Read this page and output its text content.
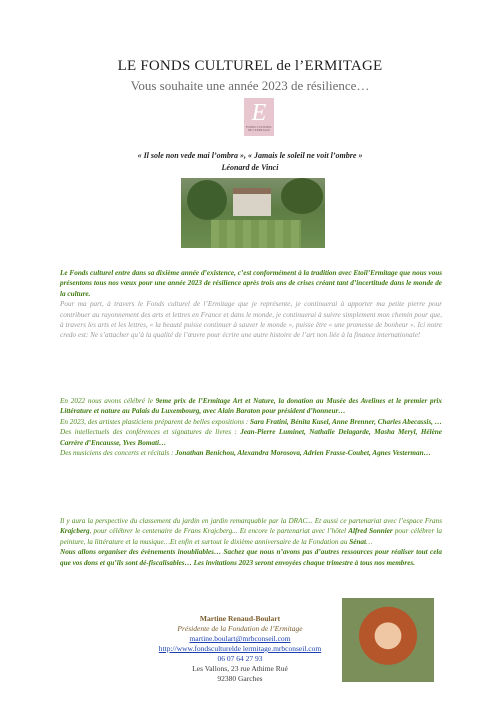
LE FONDS CULTUREL de l’ERMITAGE
Vous souhaite une année 2023 de résilience…
E
FONDS CULTUREL DE L'ERMITAGE
« Il sole non vede mai l’ombra », « Jamais le soleil ne voit l’ombre »
Léonard de Vinci
Le Fonds culturel entre dans sa dixième année d’existence, c’est conformément à la tradition avec Etoil’Ermitage que nous vous présentons tous nos vœux pour une année 2023 de résilience après trois ans de crises créant tant d’incertitude dans le monde de la culture.
Pour ma part, à travers le Fonds culturel de l’Ermitage que je représente, je continuerai à apporter ma petite pierre pour contribuer au rayonnement des arts et lettres en France et dans le monde, je continuerai à suivre simplement mon chemin pour que, à travers les arts et les lettres, « la beauté puisse continuer à sauver le monde », puisse être « une promesse de bonheur ». Ici notre credo est: Ne s’attacher qu’à la qualité de l’œuvre pour écrire une autre histoire de l’art non liée à la finance internationale!
En 2022 nous avons célébré le 9eme prix de l’Ermitage Art et Nature, la donation au Musée des Avelines et le premier prix Littérature et nature au Palais du Luxembourg, avec Alain Baraton pour président d’honneur…
En 2023, des artistes plasticiens préparent de belles expositions : Sara Fratini, Bénita Kusel, Anne Brenner, Charles Abecassis, …
Des intellectuels des conférences et signatures de livres : Jean-Pierre Luminet, Nathalie Delagarde, Masha Meryl, Hélène Carrère d’Encausse, Yves Bomati…
Des musiciens des concerts et récitals : Jonathan Benichou, Alexandra Morosova, Adrien Frasse-Coubet, Agnes Vesterman…
Il y aura la perspective du classement du jardin en jardin remarquable par la DRAC... Et aussi ce partenariat avec l’espace Frans Krajcberg, pour célébrer le centenaire de Frans Krajcberg... Et encore le partenariat avec l’hôtel Alfred Sonnier pour célébrer la peinture, la littérature et la musique…Et enfin et surtout le dixième anniversaire de la Fondation au Sénat…
Nous allons organiser des évènements inoubliables… Sachez que nous n’avons pas d’autres ressources pour réaliser tout cela que vos dons et qu’ils sont dé-fiscalisables… Les invitations 2023 seront envoyées chaque trimestre à tous nos membres.
Martine Renaud-Boulart
Présidente de la Fondation de l’Ermitage
martine.boulart@mrbconseil.com
http://www.fondsculturelde lermitage.mrbconseil.com
06 07 64 27 93
Les Vallons, 23 rue Athime Rué
92380 Garches
